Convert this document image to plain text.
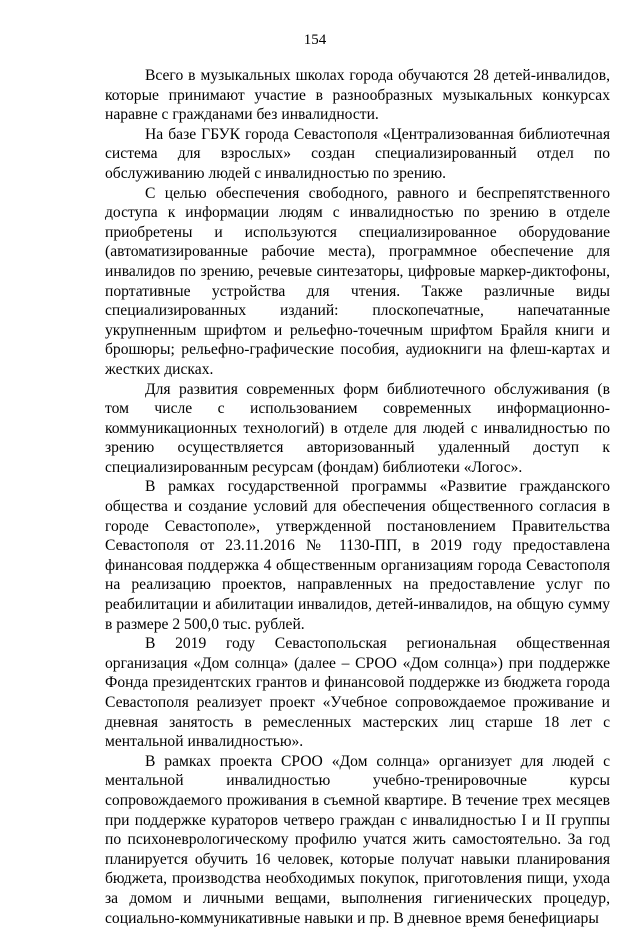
154

Всего в музыкальных школах города обучаются 28 детей-инвалидов, которые принимают участие в разнообразных музыкальных конкурсах наравне с гражданами без инвалидности.

На базе ГБУК города Севастополя «Централизованная библиотечная система для взрослых» создан специализированный отдел по обслуживанию людей с инвалидностью по зрению.

С целью обеспечения свободного, равного и беспрепятственного доступа к информации людям с инвалидностью по зрению в отделе приобретены и используются специализированное оборудование (автоматизированные рабочие места), программное обеспечение для инвалидов по зрению, речевые синтезаторы, цифровые маркер-диктофоны, портативные устройства для чтения. Также различные виды специализированных изданий: плоскопечатные, напечатанные укрупненным шрифтом и рельефно-точечным шрифтом Брайля книги и брошюры; рельефно-графические пособия, аудиокниги на флеш-картах и жестких дисках.

Для развития современных форм библиотечного обслуживания (в том числе с использованием современных информационно-коммуникационных технологий) в отделе для людей с инвалидностью по зрению осуществляется авторизованный удаленный доступ к специализированным ресурсам (фондам) библиотеки «Логос».

В рамках государственной программы «Развитие гражданского общества и создание условий для обеспечения общественного согласия в городе Севастополе», утвержденной постановлением Правительства Севастополя от 23.11.2016 № 1130-ПП, в 2019 году предоставлена финансовая поддержка 4 общественным организациям города Севастополя на реализацию проектов, направленных на предоставление услуг по реабилитации и абилитации инвалидов, детей-инвалидов, на общую сумму в размере 2 500,0 тыс. рублей.

В 2019 году Севастопольская региональная общественная организация «Дом солнца» (далее – СРОО «Дом солнца») при поддержке Фонда президентских грантов и финансовой поддержке из бюджета города Севастополя реализует проект «Учебное сопровождаемое проживание и дневная занятость в ремесленных мастерских лиц старше 18 лет с ментальной инвалидностью».

В рамках проекта СРОО «Дом солнца» организует для людей с ментальной инвалидностью учебно-тренировочные курсы сопровождаемого проживания в съемной квартире. В течение трех месяцев при поддержке кураторов четверо граждан с инвалидностью I и II группы по психоневрологическому профилю учатся жить самостоятельно. За год планируется обучить 16 человек, которые получат навыки планирования бюджета, производства необходимых покупок, приготовления пищи, ухода за домом и личными вещами, выполнения гигиенических процедур, социально-коммуникативные навыки и пр. В дневное время бенефициары
